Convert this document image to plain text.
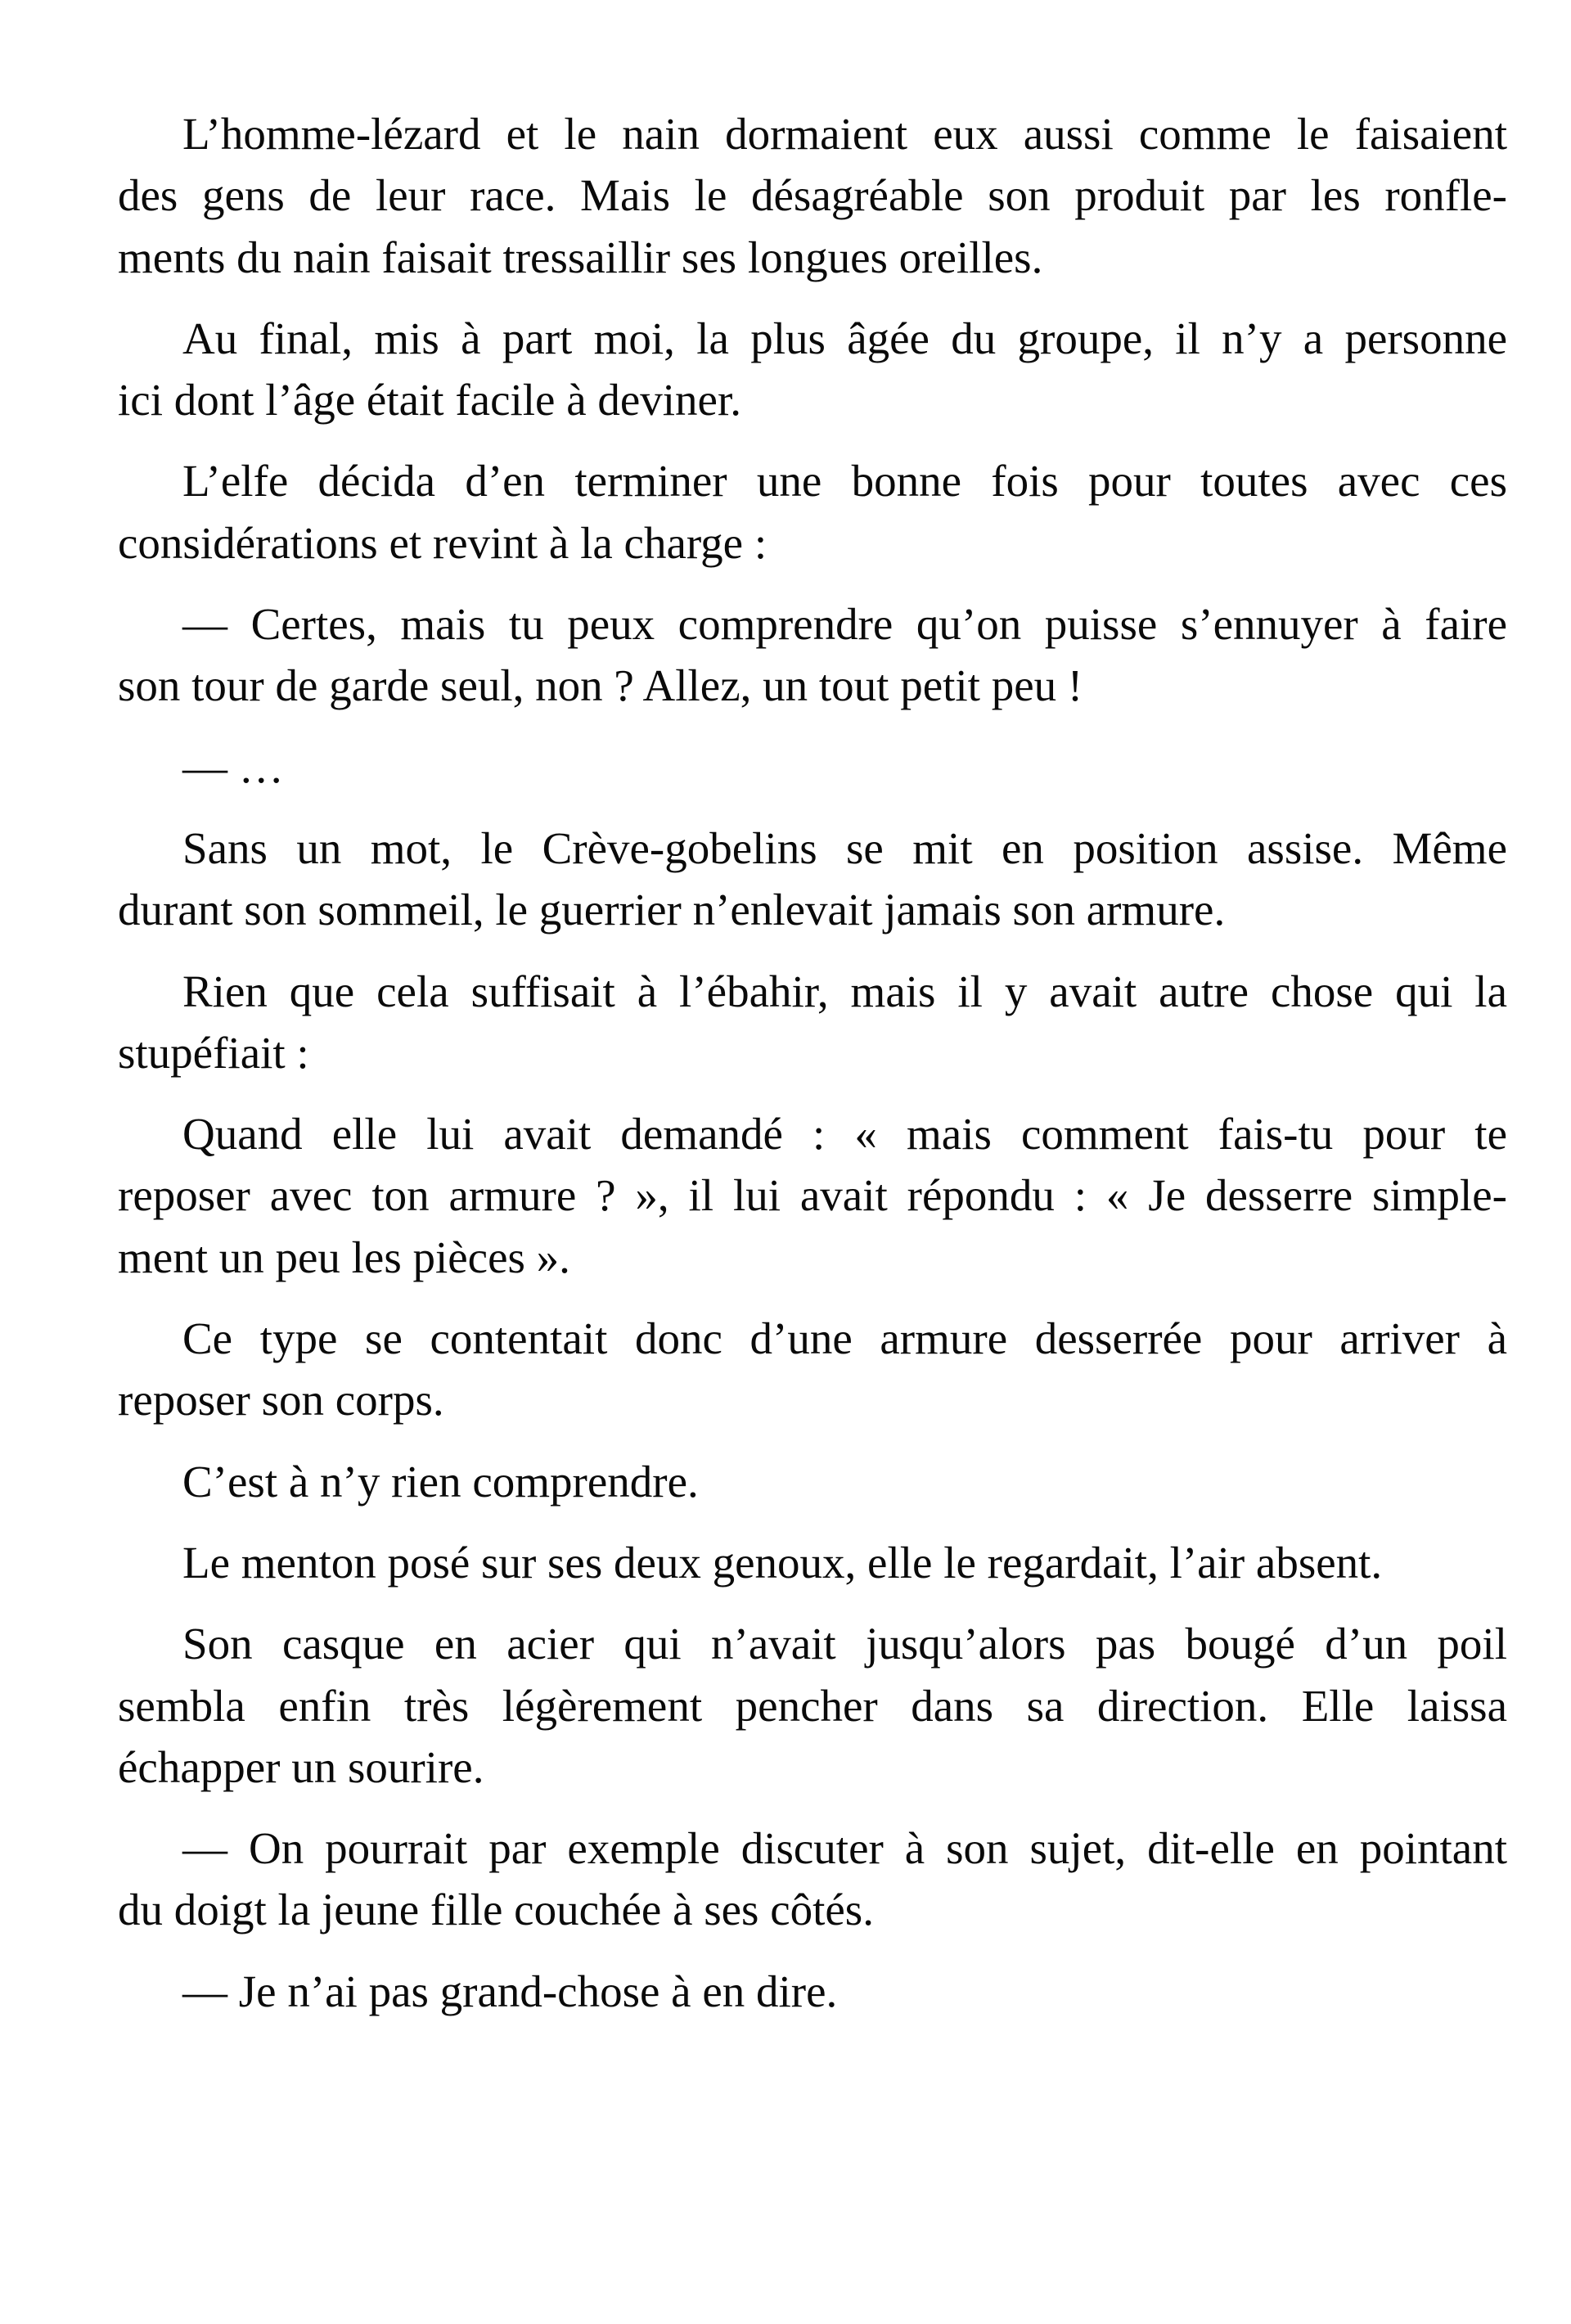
L’homme-lézard et le nain dormaient eux aussi comme le faisaient
des gens de leur race. Mais le désagréable son produit par les ronfle-
ments du nain faisait tressaillir ses longues oreilles.

Au final, mis à part moi, la plus âgée du groupe, il n’y a personne
ici dont l’âge était facile à deviner.

L’elfe décida d’en terminer une bonne fois pour toutes avec ces
considérations et revint à la charge :

— Certes, mais tu peux comprendre qu’on puisse s’ennuyer à faire
son tour de garde seul, non ? Allez, un tout petit peu !

— …

Sans un mot, le Crève-gobelins se mit en position assise. Même
durant son sommeil, le guerrier n’enlevait jamais son armure.

Rien que cela suffisait à l’ébahir, mais il y avait autre chose qui la
stupéfiait :

Quand elle lui avait demandé : « mais comment fais-tu pour te
reposer avec ton armure ? », il lui avait répondu : « Je desserre simple-
ment un peu les pièces ».

Ce type se contentait donc d’une armure desserrée pour arriver à
reposer son corps.

C’est à n’y rien comprendre.

Le menton posé sur ses deux genoux, elle le regardait, l’air absent.

Son casque en acier qui n’avait jusqu’alors pas bougé d’un poil
sembla enfin très légèrement pencher dans sa direction. Elle laissa
échapper un sourire.

— On pourrait par exemple discuter à son sujet, dit-elle en pointant
du doigt la jeune fille couchée à ses côtés.

— Je n’ai pas grand-chose à en dire.
